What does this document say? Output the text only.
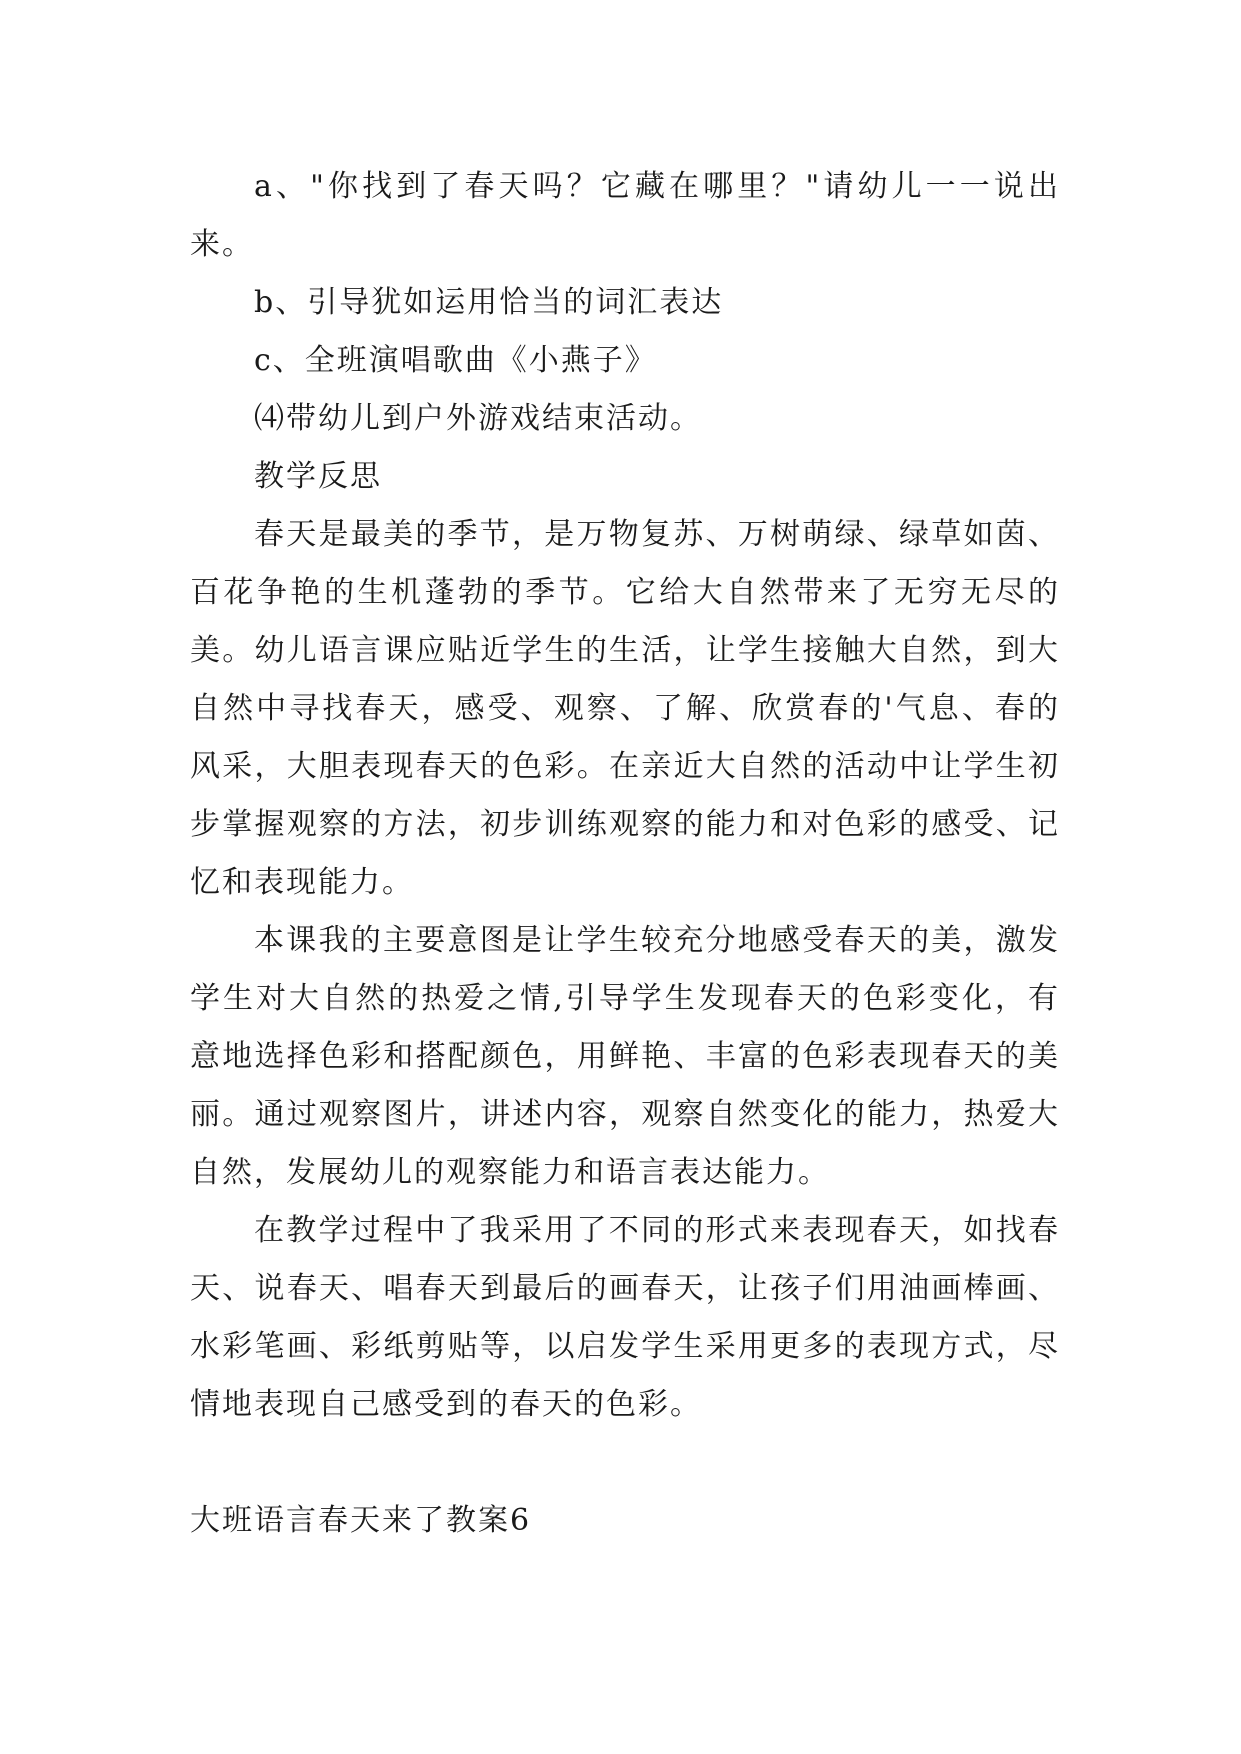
a、"你找到了春天吗？它藏在哪里？"请幼儿一一说出来。

b、引导犹如运用恰当的词汇表达

c、全班演唱歌曲《小燕子》

⑷带幼儿到户外游戏结束活动。

教学反思

春天是最美的季节，是万物复苏、万树萌绿、绿草如茵、百花争艳的生机蓬勃的季节。它给大自然带来了无穷无尽的美。幼儿语言课应贴近学生的生活，让学生接触大自然，到大自然中寻找春天，感受、观察、了解、欣赏春的'气息、春的风采，大胆表现春天的色彩。在亲近大自然的活动中让学生初步掌握观察的方法，初步训练观察的能力和对色彩的感受、记忆和表现能力。

本课我的主要意图是让学生较充分地感受春天的美，激发学生对大自然的热爱之情,引导学生发现春天的色彩变化，有意地选择色彩和搭配颜色，用鲜艳、丰富的色彩表现春天的美丽。通过观察图片，讲述内容，观察自然变化的能力，热爱大自然，发展幼儿的观察能力和语言表达能力。

在教学过程中了我采用了不同的形式来表现春天，如找春天、说春天、唱春天到最后的画春天，让孩子们用油画棒画、水彩笔画、彩纸剪贴等，以启发学生采用更多的表现方式，尽情地表现自己感受到的春天的色彩。

大班语言春天来了教案6
